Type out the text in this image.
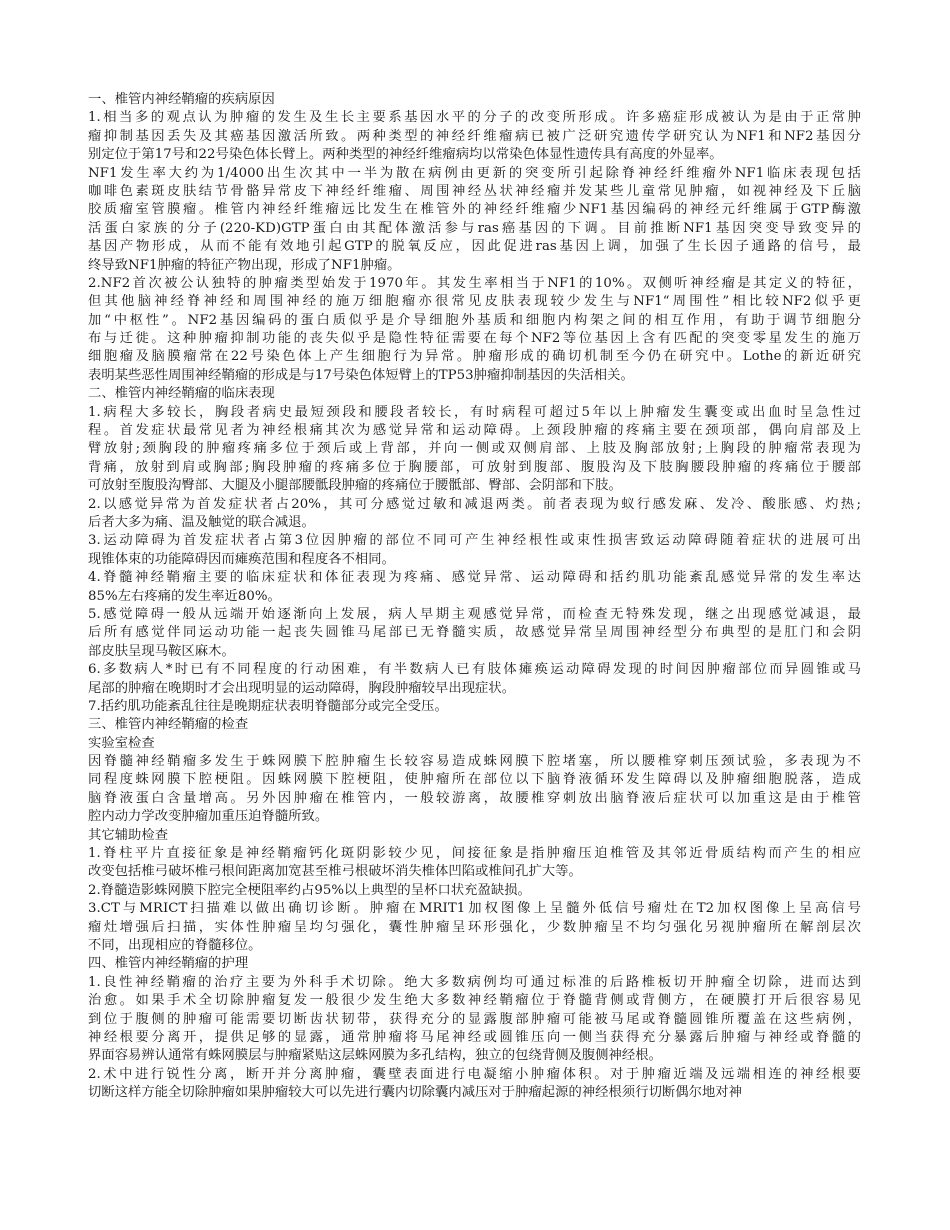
一、椎管内神经鞘瘤的疾病原因
1.相当多的观点认为肿瘤的发生及生长主要系基因水平的分子的改变所形成。许多癌症形成被认为是由于正常肿
瘤抑制基因丢失及其癌基因激活所致。两种类型的神经纤维瘤病已被广泛研究遗传学研究认为NF1和NF2基因分
别定位于第17号和22号染色体长臂上。两种类型的神经纤维瘤病均以常染色体显性遗传具有高度的外显率。
NF1发生率大约为1/4000出生次其中一半为散在病例由更新的突变所引起除脊神经纤维瘤外NF1临床表现包括
咖啡色素斑皮肤结节骨骼异常皮下神经纤维瘤、周围神经丛状神经瘤并发某些儿童常见肿瘤，如视神经及下丘脑
胶质瘤室管膜瘤。椎管内神经纤维瘤远比发生在椎管外的神经纤维瘤少NF1基因编码的神经元纤维属于GTP酶激
活蛋白家族的分子(220-KD)GTP蛋白由其配体激活参与ras癌基因的下调。目前推断NF1基因突变导致变异的
基因产物形成，从而不能有效地引起GTP的脱氧反应，因此促进ras基因上调，加强了生长因子通路的信号，最
终导致NF1肿瘤的特征产物出现，形成了NF1肿瘤。
2.NF2首次被公认独特的肿瘤类型始发于1970年。其发生率相当于NF1的10%。双侧听神经瘤是其定义的特征，
但其他脑神经脊神经和周围神经的施万细胞瘤亦很常见皮肤表现较少发生与NF1“周围性”相比较NF2似乎更
加“中枢性”。NF2基因编码的蛋白质似乎是介导细胞外基质和细胞内构架之间的相互作用，有助于调节细胞分
布与迁徙。这种肿瘤抑制功能的丧失似乎是隐性特征需要在每个NF2等位基因上含有匹配的突变零星发生的施万
细胞瘤及脑膜瘤常在22号染色体上产生细胞行为异常。肿瘤形成的确切机制至今仍在研究中。Lothe的新近研究
表明某些恶性周围神经鞘瘤的形成是与17号染色体短臂上的TP53肿瘤抑制基因的失活相关。
二、椎管内神经鞘瘤的临床表现
1.病程大多较长，胸段者病史最短颈段和腰段者较长，有时病程可超过5年以上肿瘤发生囊变或出血时呈急性过
程。首发症状最常见者为神经根痛其次为感觉异常和运动障碍。上颈段肿瘤的疼痛主要在颈项部，偶向肩部及上
臂放射;颈胸段的肿瘤疼痛多位于颈后或上背部，并向一侧或双侧肩部、上肢及胸部放射;上胸段的肿瘤常表现为
背痛，放射到肩或胸部;胸段肿瘤的疼痛多位于胸腰部，可放射到腹部、腹股沟及下肢胸腰段肿瘤的疼痛位于腰部
可放射至腹股沟臀部、大腿及小腿部腰骶段肿瘤的疼痛位于腰骶部、臀部、会阴部和下肢。
2.以感觉异常为首发症状者占20%，其可分感觉过敏和减退两类。前者表现为蚁行感发麻、发冷、酸胀感、灼热;
后者大多为痛、温及触觉的联合减退。
3.运动障碍为首发症状者占第3位因肿瘤的部位不同可产生神经根性或束性损害致运动障碍随着症状的进展可出
现锥体束的功能障碍因而瘫痪范围和程度各不相同。
4.脊髓神经鞘瘤主要的临床症状和体征表现为疼痛、感觉异常、运动障碍和括约肌功能紊乱感觉异常的发生率达
85%左右疼痛的发生率近80%。
5.感觉障碍一般从远端开始逐渐向上发展，病人早期主观感觉异常，而检查无特殊发现，继之出现感觉减退，最
后所有感觉伴同运动功能一起丧失圆锥马尾部已无脊髓实质，故感觉异常呈周围神经型分布典型的是肛门和会阴
部皮肤呈现马鞍区麻木。
6.多数病人*时已有不同程度的行动困难，有半数病人已有肢体瘫痪运动障碍发现的时间因肿瘤部位而异圆锥或马
尾部的肿瘤在晚期时才会出现明显的运动障碍，胸段肿瘤较早出现症状。
7.括约肌功能紊乱往往是晚期症状表明脊髓部分或完全受压。
三、椎管内神经鞘瘤的检查
实验室检查
因脊髓神经鞘瘤多发生于蛛网膜下腔肿瘤生长较容易造成蛛网膜下腔堵塞，所以腰椎穿刺压颈试验，多表现为不
同程度蛛网膜下腔梗阻。因蛛网膜下腔梗阻，使肿瘤所在部位以下脑脊液循环发生障碍以及肿瘤细胞脱落，造成
脑脊液蛋白含量增高。另外因肿瘤在椎管内，一般较游离，故腰椎穿刺放出脑脊液后症状可以加重这是由于椎管
腔内动力学改变肿瘤加重压迫脊髓所致。
其它辅助检查
1.脊柱平片直接征象是神经鞘瘤钙化斑阴影较少见，间接征象是指肿瘤压迫椎管及其邻近骨质结构而产生的相应
改变包括椎弓破坏椎弓根间距离加宽甚至椎弓根破坏消失椎体凹陷或椎间孔扩大等。
2.脊髓造影蛛网膜下腔完全梗阻率约占95%以上典型的呈杯口状充盈缺损。
3.CT与MRICT扫描难以做出确切诊断。肿瘤在MRIT1加权图像上呈髓外低信号瘤灶在T2加权图像上呈高信号
瘤灶增强后扫描，实体性肿瘤呈均匀强化，囊性肿瘤呈环形强化，少数肿瘤呈不均匀强化另视肿瘤所在解剖层次
不同，出现相应的脊髓移位。
四、椎管内神经鞘瘤的护理
1.良性神经鞘瘤的治疗主要为外科手术切除。绝大多数病例均可通过标准的后路椎板切开肿瘤全切除，进而达到
治愈。如果手术全切除肿瘤复发一般很少发生绝大多数神经鞘瘤位于脊髓背侧或背侧方，在硬膜打开后很容易见
到位于腹侧的肿瘤可能需要切断齿状韧带，获得充分的显露腹部肿瘤可能被马尾或脊髓圆锥所覆盖在这些病例，
神经根要分离开，提供足够的显露，通常肿瘤将马尾神经或圆锥压向一侧当获得充分暴露后肿瘤与神经或脊髓的
界面容易辨认通常有蛛网膜层与肿瘤紧贴这层蛛网膜为多孔结构，独立的包绕背侧及腹侧神经根。
2.术中进行锐性分离，断开并分离肿瘤，囊壁表面进行电凝缩小肿瘤体积。对于肿瘤近端及远端相连的神经根要
切断这样方能全切除肿瘤如果肿瘤较大可以先进行囊内切除囊内减压对于肿瘤起源的神经根须行切断偶尔地对神
